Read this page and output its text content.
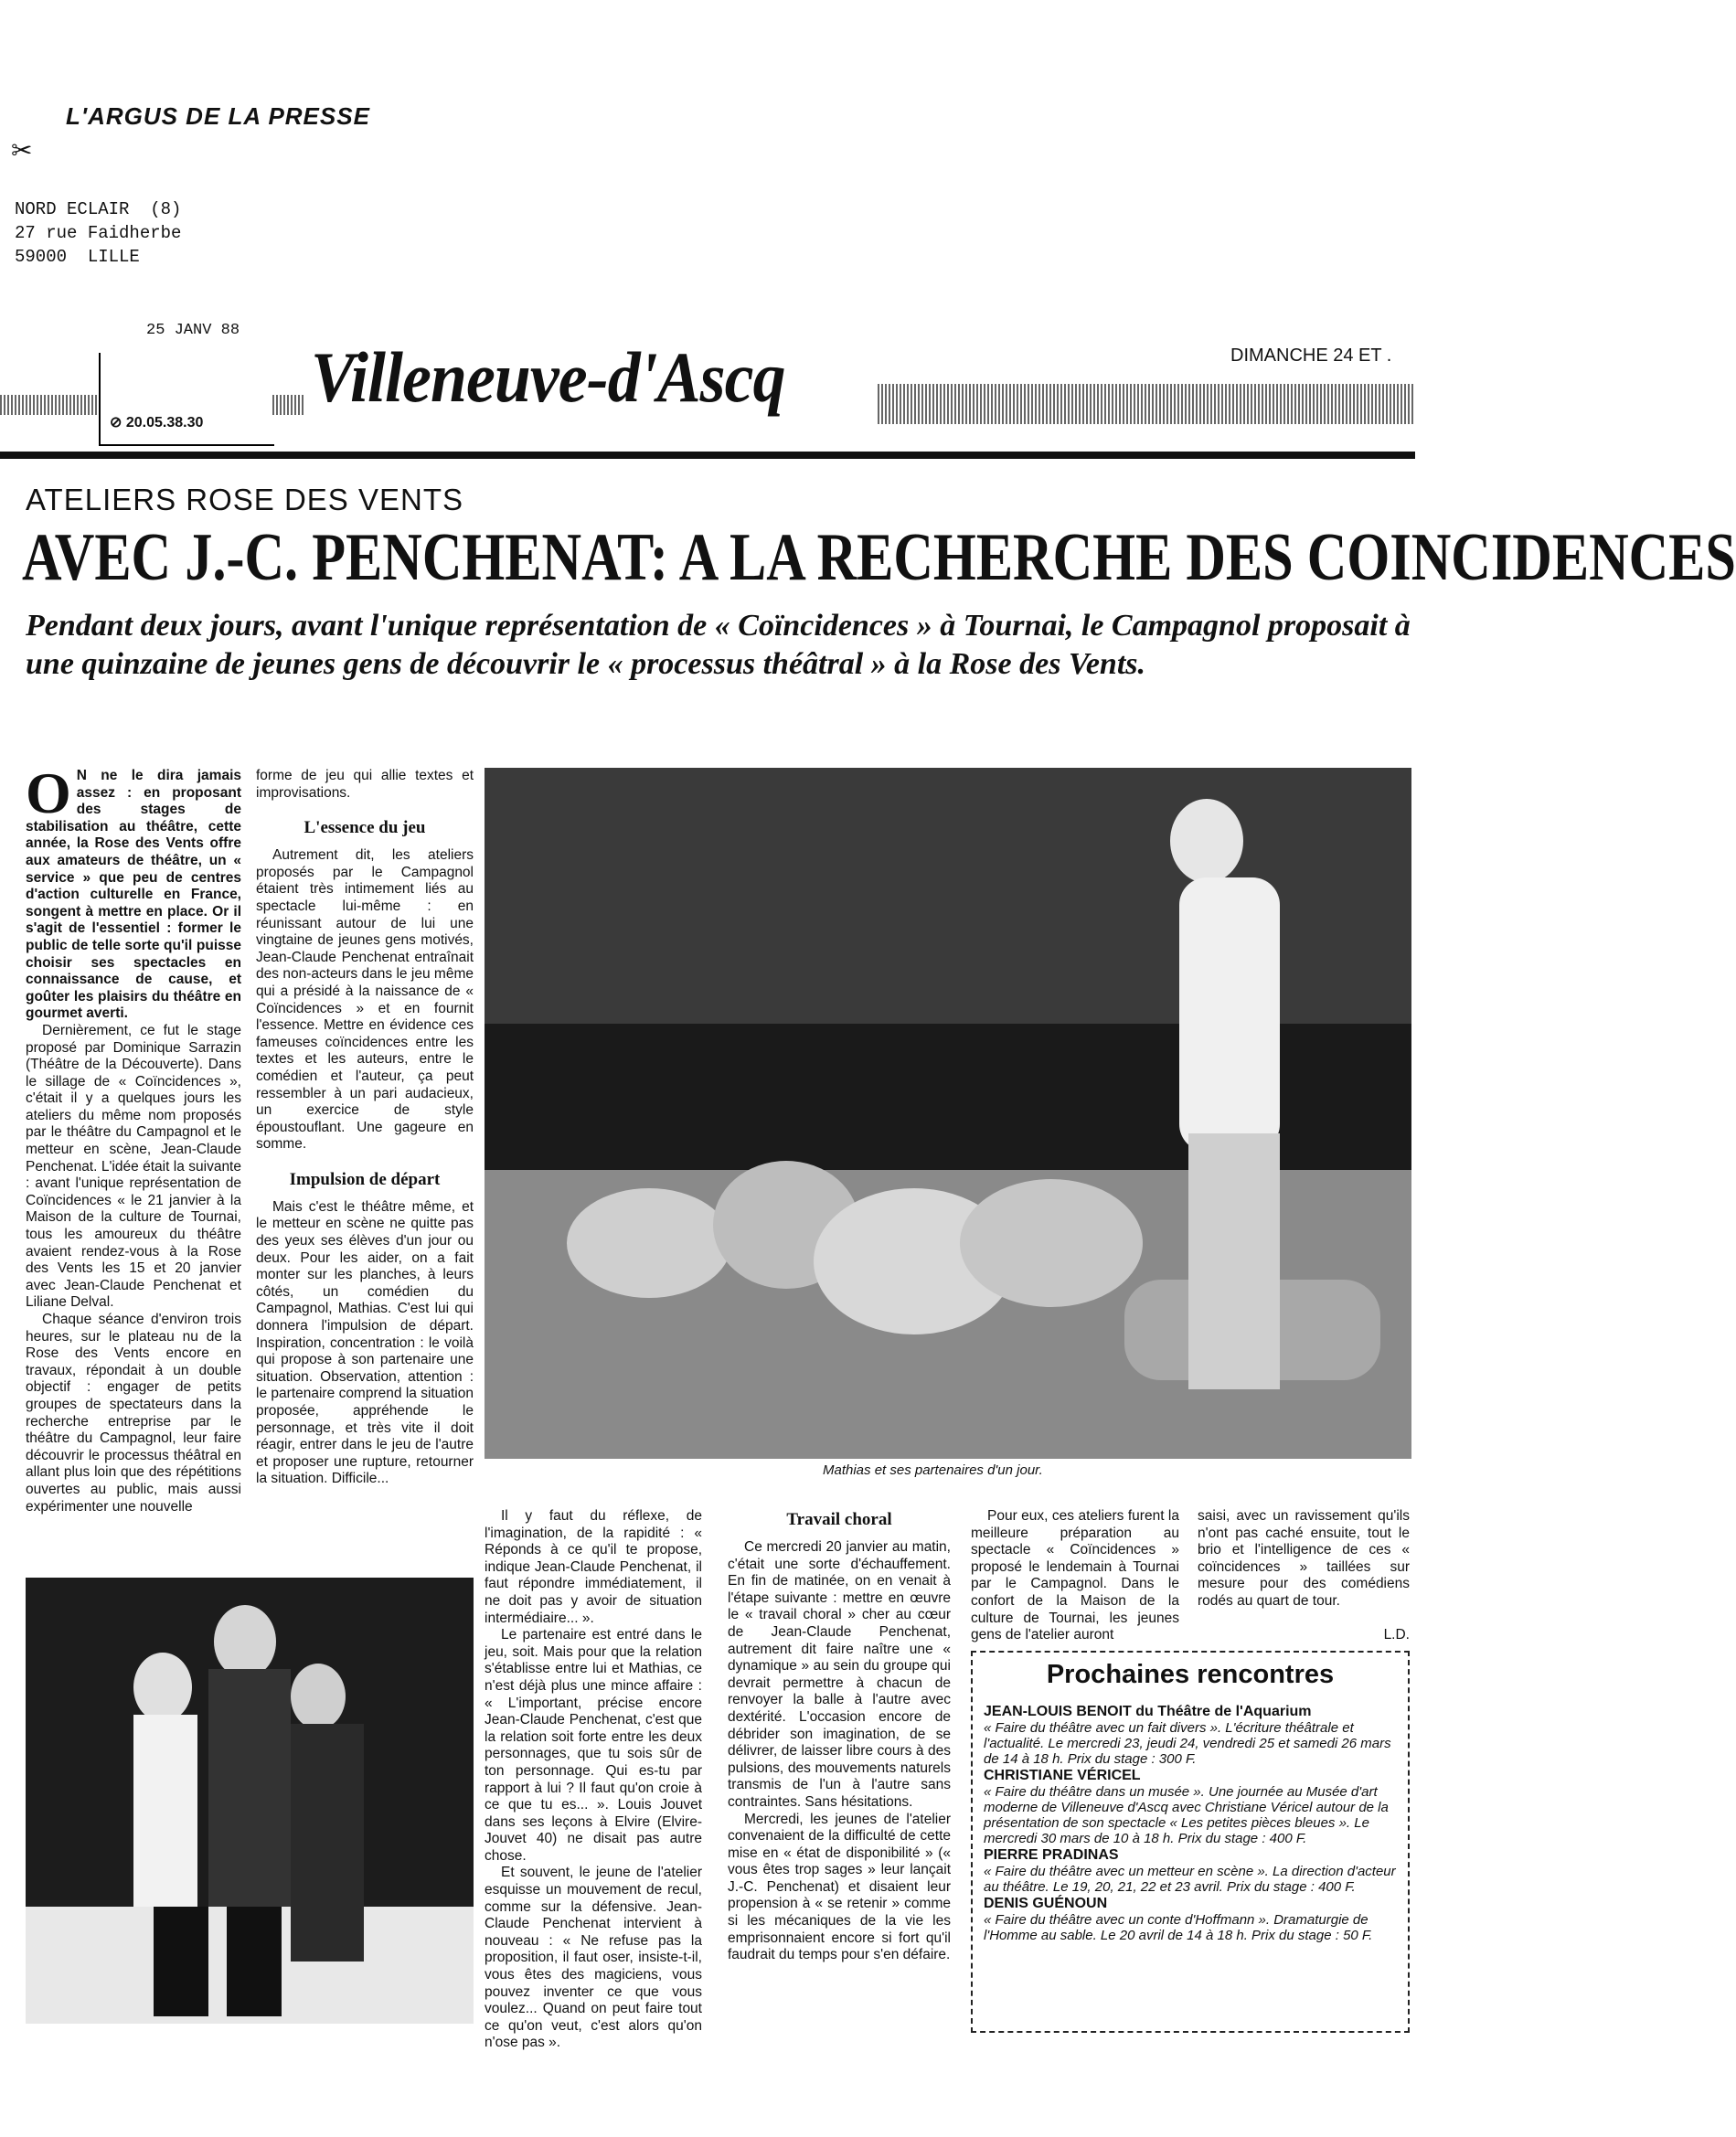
✂
L'ARGUS DE LA PRESSE
NORD ECLAIR  (8)
27 rue Faidherbe
59000  LILLE
25 JANV 88
⊘ 20.05.38.30
Villeneuve-d'Ascq	DIMANCHE 24 ET .
ATELIERS ROSE DES VENTS
AVEC J.-C. PENCHENAT: A LA RECHERCHE DES COINCIDENCES
Pendant deux jours, avant l'unique représentation de « Coïncidences » à Tournai, le Campagnol proposait à une quinzaine de jeunes gens de découvrir le « processus théâtral » à la Rose des Vents.

O N ne le dira jamais assez : en proposant des stages de stabilisation au théâtre, cette année, la Rose des Vents offre aux amateurs de théâtre, un « service » que peu de centres d'action culturelle en France, songent à mettre en place. Or il s'agit de l'essentiel : former le public de telle sorte qu'il puisse choisir ses spectacles en connaissance de cause, et goûter les plaisirs du théâtre en gourmet averti.

Dernièrement, ce fut le stage proposé par Dominique Sarrazin (Théâtre de la Découverte). Dans le sillage de « Coïncidences », c'était il y a quelques jours les ateliers du même nom proposés par le théâtre du Campagnol et le metteur en scène, Jean-Claude Penchenat. L'idée était la suivante : avant l'unique représentation de Coïncidences « le 21 janvier à la Maison de la culture de Tournai, tous les amoureux du théâtre avaient rendez-vous à la Rose des Vents les 15 et 20 janvier avec Jean-Claude Penchenat et Liliane Delval.

Chaque séance d'environ trois heures, sur le plateau nu de la Rose des Vents encore en travaux, répondait à un double objectif : engager de petits groupes de spectateurs dans la recherche entreprise par le théâtre du Campagnol, leur faire découvrir le processus théâtral en allant plus loin que des répétitions ouvertes au public, mais aussi expérimenter une nouvelle

forme de jeu qui allie textes et improvisations.

L'essence du jeu

Autrement dit, les ateliers proposés par le Campagnol étaient très intimement liés au spectacle lui-même : en réunissant autour de lui une vingtaine de jeunes gens motivés, Jean-Claude Penchenat entraînait des non-acteurs dans le jeu même qui a présidé à la naissance de « Coïncidences » et en fournit l'essence. Mettre en évidence ces fameuses coïncidences entre les textes et les auteurs, entre le comédien et l'auteur, ça peut ressembler à un pari audacieux, un exercice de style époustouflant. Une gageure en somme.

Impulsion de départ

Mais c'est le théâtre même, et le metteur en scène ne quitte pas des yeux ses élèves d'un jour ou deux. Pour les aider, on a fait monter sur les planches, à leurs côtés, un comédien du Campagnol, Mathias. C'est lui qui donnera l'impulsion de départ. Inspiration, concentration : le voilà qui propose à son partenaire une situation. Observation, attention : le partenaire comprend la situation proposée, appréhende le personnage, et très vite il doit réagir, entrer dans le jeu de l'autre et proposer une rupture, retourner la situation. Difficile...

Mathias et ses partenaires d'un jour.

Il y faut du réflexe, de l'imagination, de la rapidité : « Réponds à ce qu'il te propose, indique Jean-Claude Penchenat, il faut répondre immédiatement, il ne doit pas y avoir de situation intermédiaire... ».

Le partenaire est entré dans le jeu, soit. Mais pour que la relation s'établisse entre lui et Mathias, ce n'est déjà plus une mince affaire : « L'important, précise encore Jean-Claude Penchenat, c'est que la relation soit forte entre les deux personnages, que tu sois sûr de ton personnage. Qui es-tu par rapport à lui ? Il faut qu'on croie à ce que tu es... ». Louis Jouvet dans ses leçons à Elvire (Elvire-Jouvet 40) ne disait pas autre chose.

Et souvent, le jeune de l'atelier esquisse un mouvement de recul, comme sur la défensive. Jean-Claude Penchenat intervient à nouveau : « Ne refuse pas la proposition, il faut oser, insiste-t-il, vous êtes des magiciens, vous pouvez inventer ce que vous voulez... Quand on peut faire tout ce qu'on veut, c'est alors qu'on n'ose pas ».

Travail choral

Ce mercredi 20 janvier au matin, c'était une sorte d'échauffement. En fin de matinée, on en venait à l'étape suivante : mettre en œuvre le « travail choral » cher au cœur de Jean-Claude Penchenat, autrement dit faire naître une « dynamique » au sein du groupe qui devrait permettre à chacun de renvoyer la balle à l'autre avec dextérité. L'occasion encore de débrider son imagination, de se délivrer, de laisser libre cours à des pulsions, des mouvements naturels transmis de l'un à l'autre sans contraintes. Sans hésitations.

Mercredi, les jeunes de l'atelier convenaient de la difficulté de cette mise en « état de disponibilité » (« vous êtes trop sages » leur lançait J.-C. Penchenat) et disaient leur propension à « se retenir » comme si les mécaniques de la vie les emprisonnaient encore si fort qu'il faudrait du temps pour s'en défaire.

Pour eux, ces ateliers furent la meilleure préparation au spectacle « Coïncidences » proposé le lendemain à Tournai par le Campagnol. Dans le confort de la Maison de la culture de Tournai, les jeunes gens de l'atelier auront

saisi, avec un ravissement qu'ils n'ont pas caché ensuite, tout le brio et l'intelligence de ces « coïncidences » taillées sur mesure pour des comédiens rodés au quart de tour.

L.D.
Prochaines rencontres
JEAN-LOUIS BENOIT du Théâtre de l'Aquarium
« Faire du théâtre avec un fait divers ». L'écriture théâtrale et l'actualité. Le mercredi 23, jeudi 24, vendredi 25 et samedi 26 mars de 14 à 18 h. Prix du stage : 300 F.
CHRISTIANE VÉRICEL
« Faire du théâtre dans un musée ». Une journée au Musée d'art moderne de Villeneuve d'Ascq avec Christiane Véricel autour de la présentation de son spectacle « Les petites pièces bleues ». Le mercredi 30 mars de 10 à 18 h. Prix du stage : 400 F.
PIERRE PRADINAS
« Faire du théâtre avec un metteur en scène ». La direction d'acteur au théâtre. Le 19, 20, 21, 22 et 23 avril. Prix du stage : 400 F.
DENIS GUÉNOUN
« Faire du théâtre avec un conte d'Hoffmann ». Dramaturgie de l'Homme au sable. Le 20 avril de 14 à 18 h. Prix du stage : 50 F.
